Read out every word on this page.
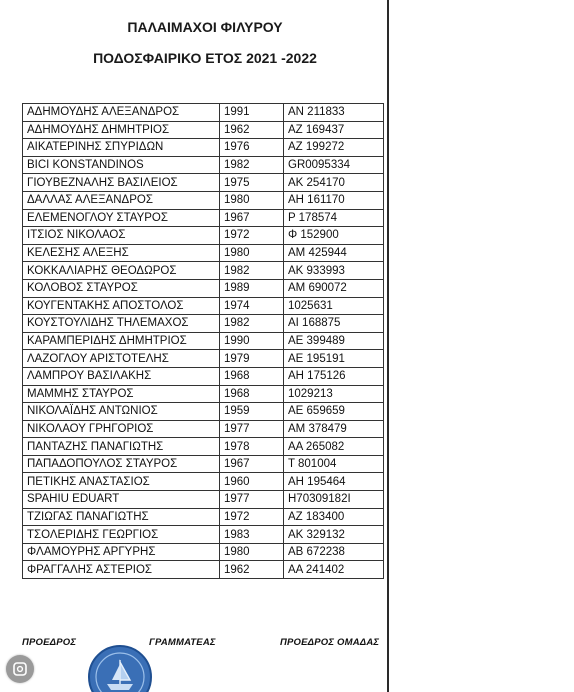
ΠΑΛΑΙΜΑΧΟΙ ΦΙΛΥΡΟΥ
ΠΟΔΟΣΦΑΙΡΙΚΟ ΕΤΟΣ 2021 -2022
ΑΔΗΜΟΥΔΗΣ ΑΛΕΞΑΝΔΡΟΣ	1991	AN 211833
ΑΔΗΜΟΥΔΗΣ ΔΗΜΗΤΡΙΟΣ	1962	ΑΖ 169437
ΑΙΚΑΤΕΡΙΝΗΣ ΣΠΥΡΙΔΩΝ	1976	ΑΖ 199272
BICI KONSTANDINOS	1982	GR0095334
ΓΙΟΥΒΕΖΝΑΛΗΣ ΒΑΣΙΛΕΙΟΣ	1975	ΑΚ 254170
ΔΑΛΛΑΣ ΑΛΕΞΑΝΔΡΟΣ	1980	ΑΗ 161170
ΕΛΕΜΕΝΟΓΛΟΥ ΣΤΑΥΡΟΣ	1967	Ρ 178574
ΙΤΣΙΟΣ ΝΙΚΟΛΑΟΣ	1972	Φ 152900
ΚΕΛΕΣΗΣ ΑΛΕΞΗΣ	1980	ΑΜ 425944
ΚΟΚΚΑΛΙΑΡΗΣ ΘΕΟΔΩΡΟΣ	1982	ΑΚ 933993
ΚΟΛΟΒΟΣ ΣΤΑΥΡΟΣ	1989	ΑΜ 690072
ΚΟΥΓΕΝΤΑΚΗΣ ΑΠΟΣΤΟΛΟΣ	1974	1025631
ΚΟΥΣΤΟΥΛΙΔΗΣ ΤΗΛΕΜΑΧΟΣ	1982	ΑΙ 168875
ΚΑΡΑΜΠΕΡΙΔΗΣ ΔΗΜΗΤΡΙΟΣ	1990	ΑΕ 399489
ΛΑΖΟΓΛΟΥ ΑΡΙΣΤΟΤΕΛΗΣ	1979	ΑΕ 195191
ΛΑΜΠΡΟΥ ΒΑΣΙΛΑΚΗΣ	1968	ΑΗ 175126
ΜΑΜΜΗΣ ΣΤΑΥΡΟΣ	1968	1029213
ΝΙΚΟΛΑΪΔΗΣ ΑΝΤΩΝΙΟΣ	1959	ΑΕ 659659
ΝΙΚΟΛΑΟΥ ΓΡΗΓΟΡΙΟΣ	1977	ΑΜ 378479
ΠΑΝΤΑΖΗΣ ΠΑΝΑΓΙΩΤΗΣ	1978	ΑΑ 265082
ΠΑΠΑΔΟΠΟΥΛΟΣ ΣΤΑΥΡΟΣ	1967	Τ 801004
ΠΕΤΙΚΗΣ ΑΝΑΣΤΑΣΙΟΣ	1960	ΑΗ 195464
SPAHIU EDUART	1977	H70309182I
ΤΖΙΩΓΑΣ ΠΑΝΑΓΙΩΤΗΣ	1972	ΑΖ 183400
ΤΣΟΛΕΡΙΔΗΣ ΓΕΩΡΓΙΟΣ	1983	ΑΚ 329132
ΦΛΑΜΟΥΡΗΣ ΑΡΓΥΡΗΣ	1980	ΑΒ 672238
ΦΡΑΓΓΑΛΗΣ ΑΣΤΕΡΙΟΣ	1962	ΑΑ 241402
ΠΡΟΕΔΡΟΣ	ΓΡΑΜΜΑΤΕΑΣ	ΠΡΟΕΔΡΟΣ ΟΜΑΔΑΣ
